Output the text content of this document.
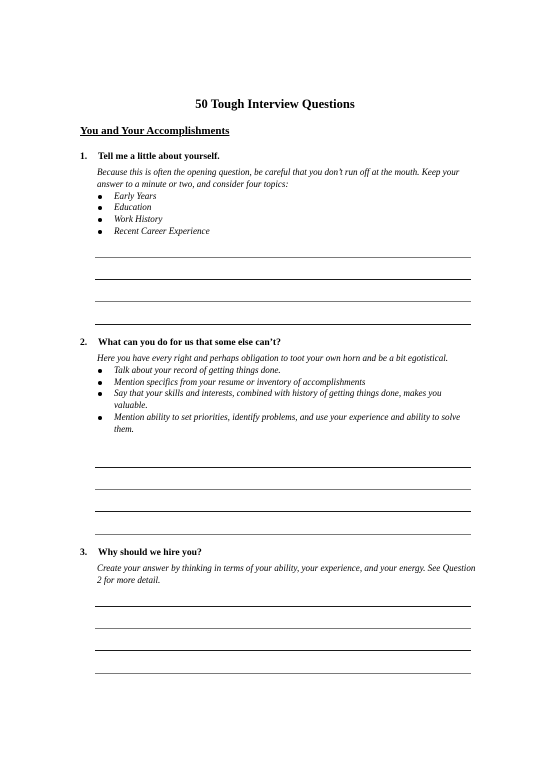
50 Tough Interview Questions
You and Your Accomplishments
1. Tell me a little about yourself.

Because this is often the opening question, be careful that you don’t run off at the mouth. Keep your answer to a minute or two, and consider four topics:

Early Years
Education
Work History
Recent Career Experience
2. What can you do for us that some else can’t?

Here you have every right and perhaps obligation to toot your own horn and be a bit egotistical.

Talk about your record of getting things done.
Mention specifics from your resume or inventory of accomplishments
Say that your skills and interests, combined with history of getting things done, makes you valuable.
Mention ability to set priorities, identify problems, and use your experience and ability to solve them.
3. Why should we hire you?

Create your answer by thinking in terms of your ability, your experience, and your energy. See Question 2 for more detail.
